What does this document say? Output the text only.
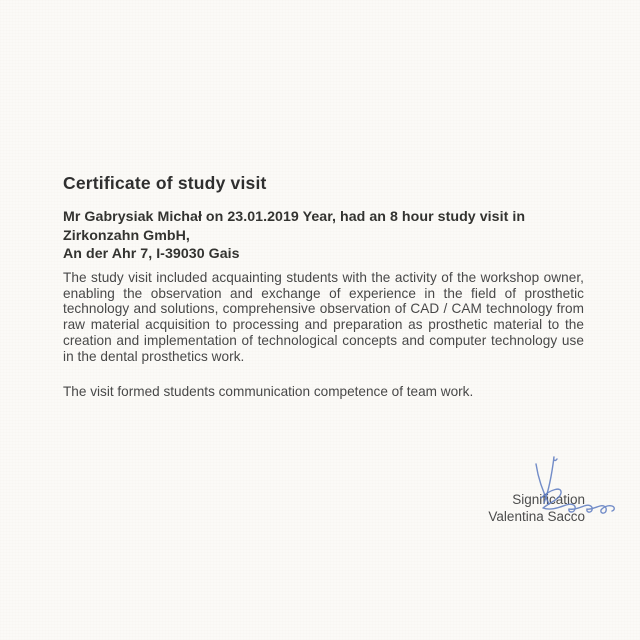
Certificate of study visit

Mr Gabrysiak Michał on 23.01.2019 Year, had an 8 hour study visit in Zirkonzahn GmbH,
An der Ahr 7, I-39030 Gais

The study visit included acquainting students with the activity of the workshop owner, enabling the observation and exchange of experience in the field of prosthetic technology and solutions, comprehensive observation of CAD / CAM technology from raw material acquisition to processing and preparation as prosthetic material to the creation and implementation of technological concepts and computer technology use in the dental prosthetics work.

The visit formed students communication competence of team work.

Signification
Valentina Sacco
